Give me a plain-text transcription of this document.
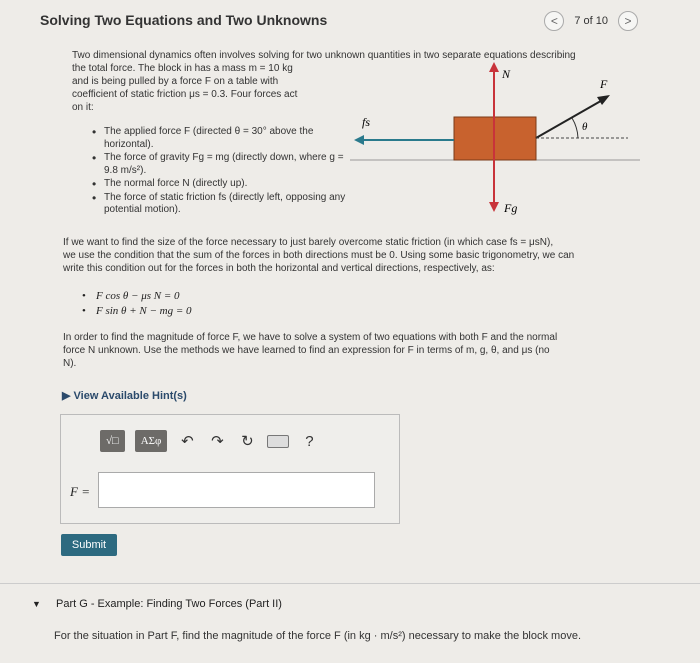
Solving Two Equations and Two Unknowns	<	7 of 10	>
Two dimensional dynamics often involves solving for two unknown quantities in two separate equations describing
the total force. The block in has a mass m = 10 kg
and is being pulled by a force F on a table with
coefficient of static friction μs = 0.3. Four forces act
on it:
• The applied force F (directed θ = 30° above the horizontal).
• The force of gravity Fg = mg (directly down, where g = 9.8 m/s²).
• The normal force N (directly up).
• The force of static friction fs (directly left, opposing any potential motion).
fs
N
F
θ
Fg
If we want to find the size of the force necessary to just barely overcome static friction (in which case fs = μsN),
we use the condition that the sum of the forces in both directions must be 0. Using some basic trigonometry, we can
write this condition out for the forces in both the horizontal and vertical directions, respectively, as:
• F cos θ − μs N = 0
• F sin θ + N − mg = 0
In order to find the magnitude of force F, we have to solve a system of two equations with both F and the normal
force N unknown. Use the methods we have learned to find an expression for F in terms of m, g, θ, and μs (no
N).
▶ View Available Hint(s)
√□	ΑΣφ	↶ ↷ ↻	?
F =
Submit
▼ Part G - Example: Finding Two Forces (Part II)
For the situation in Part F, find the magnitude of the force F (in kg · m/s²) necessary to make the block move.
